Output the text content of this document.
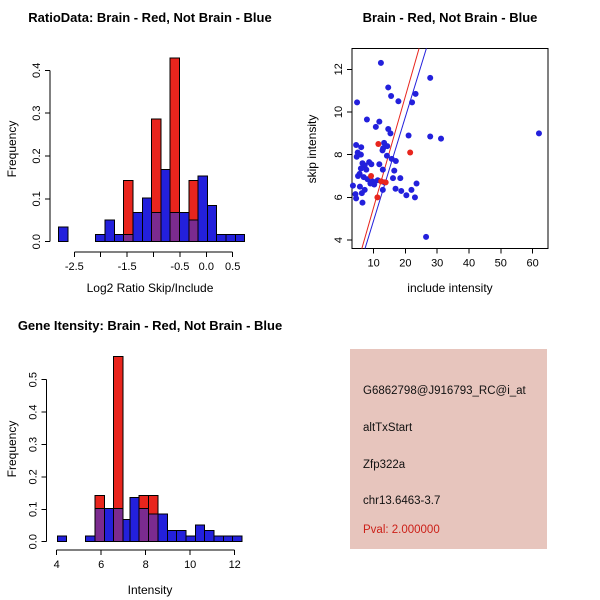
-2.5	-1.5	-0.5 0.0 0.5
0.0
0.1
0.2
0.3
0.4
RatioData: Brain - Red, Not Brain - Blue
Log2 Ratio Skip/Include
Frequency
10 20 30 40 50 60
4
6
8
10
12
Brain - Red, Not Brain - Blue
include intensity
skip intensity
4	6	8	10	12
0.0
0.1
0.2
0.3
0.4
0.5
Gene Itensity: Brain - Red, Not Brain - Blue
Intensity
Frequency
G6862798@J916793_RC@i_at
altTxStart
Zfp322a
chr13.6463-3.7
Pval: 2.000000
